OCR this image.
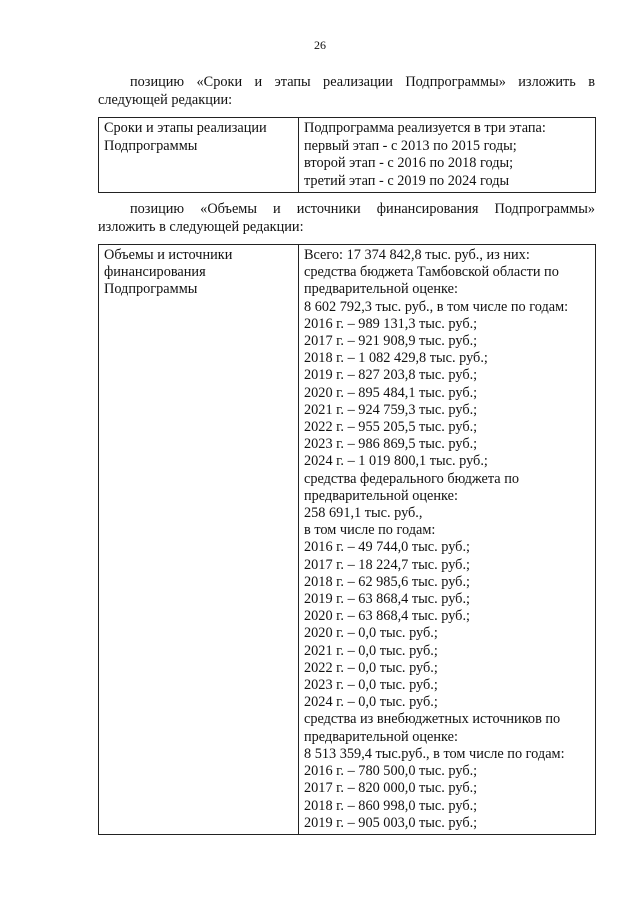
26
позицию «Сроки и этапы реализации Подпрограммы» изложить в
следующей редакции:
Сроки и этапы реализации
Подпрограммы

Подпрограмма реализуется в три этапа:
первый этап - с 2013 по 2015 годы;
второй этап - с 2016 по 2018 годы;
третий этап - с 2019 по 2024 годы
позицию «Объемы и источники финансирования Подпрограммы»
изложить в следующей редакции:
Объемы и источники
финансирования
Подпрограммы

Всего: 17 374 842,8 тыс. руб., из них:
средства бюджета Тамбовской области по
предварительной оценке:
8 602 792,3 тыс. руб., в том числе по годам:
2016 г. – 989 131,3 тыс. руб.;
2017 г. – 921 908,9 тыс. руб.;
2018 г. – 1 082 429,8 тыс. руб.;
2019 г. – 827 203,8 тыс. руб.;
2020 г. – 895 484,1 тыс. руб.;
2021 г. – 924 759,3 тыс. руб.;
2022 г. – 955 205,5 тыс. руб.;
2023 г. – 986 869,5 тыс. руб.;
2024 г. – 1 019 800,1 тыс. руб.;
средства федерального бюджета по
предварительной оценке:
258 691,1 тыс. руб.,
в том числе по годам:
2016 г. – 49 744,0 тыс. руб.;
2017 г. – 18 224,7 тыс. руб.;
2018 г. – 62 985,6 тыс. руб.;
2019 г. – 63 868,4 тыс. руб.;
2020 г. – 63 868,4 тыс. руб.;
2020 г. – 0,0 тыс. руб.;
2021 г. – 0,0 тыс. руб.;
2022 г. – 0,0 тыс. руб.;
2023 г. – 0,0 тыс. руб.;
2024 г. – 0,0 тыс. руб.;
средства из внебюджетных источников по
предварительной оценке:
8 513 359,4 тыс.руб., в том числе по годам:
2016 г. – 780 500,0 тыс. руб.;
2017 г. – 820 000,0 тыс. руб.;
2018 г. – 860 998,0 тыс. руб.;
2019 г. – 905 003,0 тыс. руб.;
